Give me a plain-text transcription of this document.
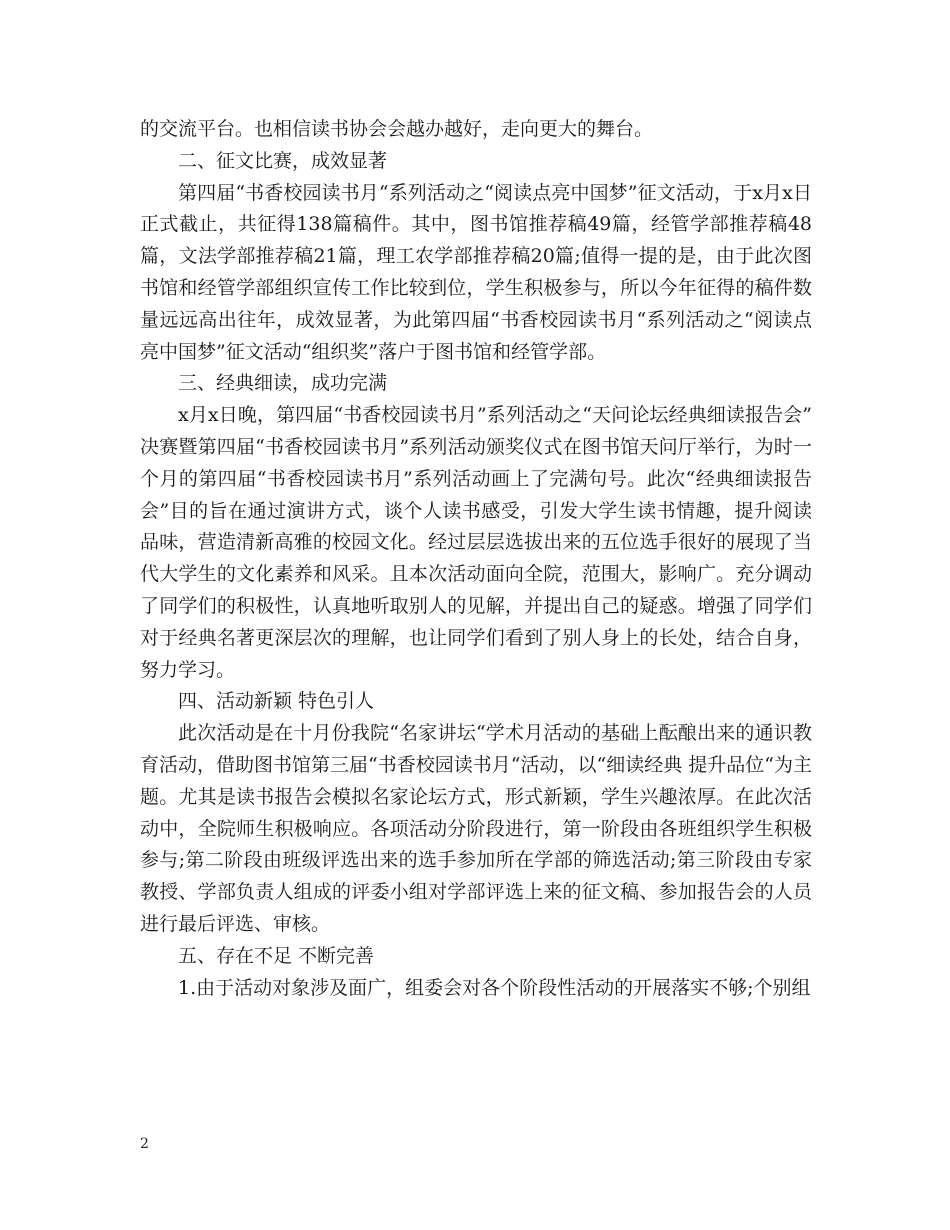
的交流平台。也相信读书协会会越办越好，走向更大的舞台。

二、征文比赛，成效显著

第四届“书香校园读书月“系列活动之“阅读点亮中国梦”征文活动，于x月x日正式截止，共征得138篇稿件。其中，图书馆推荐稿49篇，经管学部推荐稿48篇，文法学部推荐稿21篇，理工农学部推荐稿20篇;值得一提的是，由于此次图书馆和经管学部组织宣传工作比较到位，学生积极参与，所以今年征得的稿件数量远远高出往年，成效显著，为此第四届“书香校园读书月“系列活动之“阅读点亮中国梦”征文活动“组织奖”落户于图书馆和经管学部。

三、经典细读，成功完满

x月x日晚，第四届“书香校园读书月”系列活动之“天问论坛经典细读报告会”决赛暨第四届“书香校园读书月”系列活动颁奖仪式在图书馆天问厅举行，为时一个月的第四届“书香校园读书月”系列活动画上了完满句号。此次“经典细读报告会”目的旨在通过演讲方式，谈个人读书感受，引发大学生读书情趣，提升阅读品味，营造清新高雅的校园文化。经过层层选拔出来的五位选手很好的展现了当代大学生的文化素养和风采。且本次活动面向全院，范围大，影响广。充分调动了同学们的积极性，认真地听取别人的见解，并提出自己的疑惑。增强了同学们对于经典名著更深层次的理解，也让同学们看到了别人身上的长处，结合自身，努力学习。

四、活动新颖 特色引人

此次活动是在十月份我院“名家讲坛“学术月活动的基础上酝酿出来的通识教育活动，借助图书馆第三届“书香校园读书月“活动，以“细读经典 提升品位“为主题。尤其是读书报告会模拟名家论坛方式，形式新颖，学生兴趣浓厚。在此次活动中，全院师生积极响应。各项活动分阶段进行，第一阶段由各班组织学生积极参与;第二阶段由班级评选出来的选手参加所在学部的筛选活动;第三阶段由专家教授、学部负责人组成的评委小组对学部评选上来的征文稿、参加报告会的人员进行最后评选、审核。

五、存在不足 不断完善

1.由于活动对象涉及面广，组委会对各个阶段性活动的开展落实不够;个别组

2
